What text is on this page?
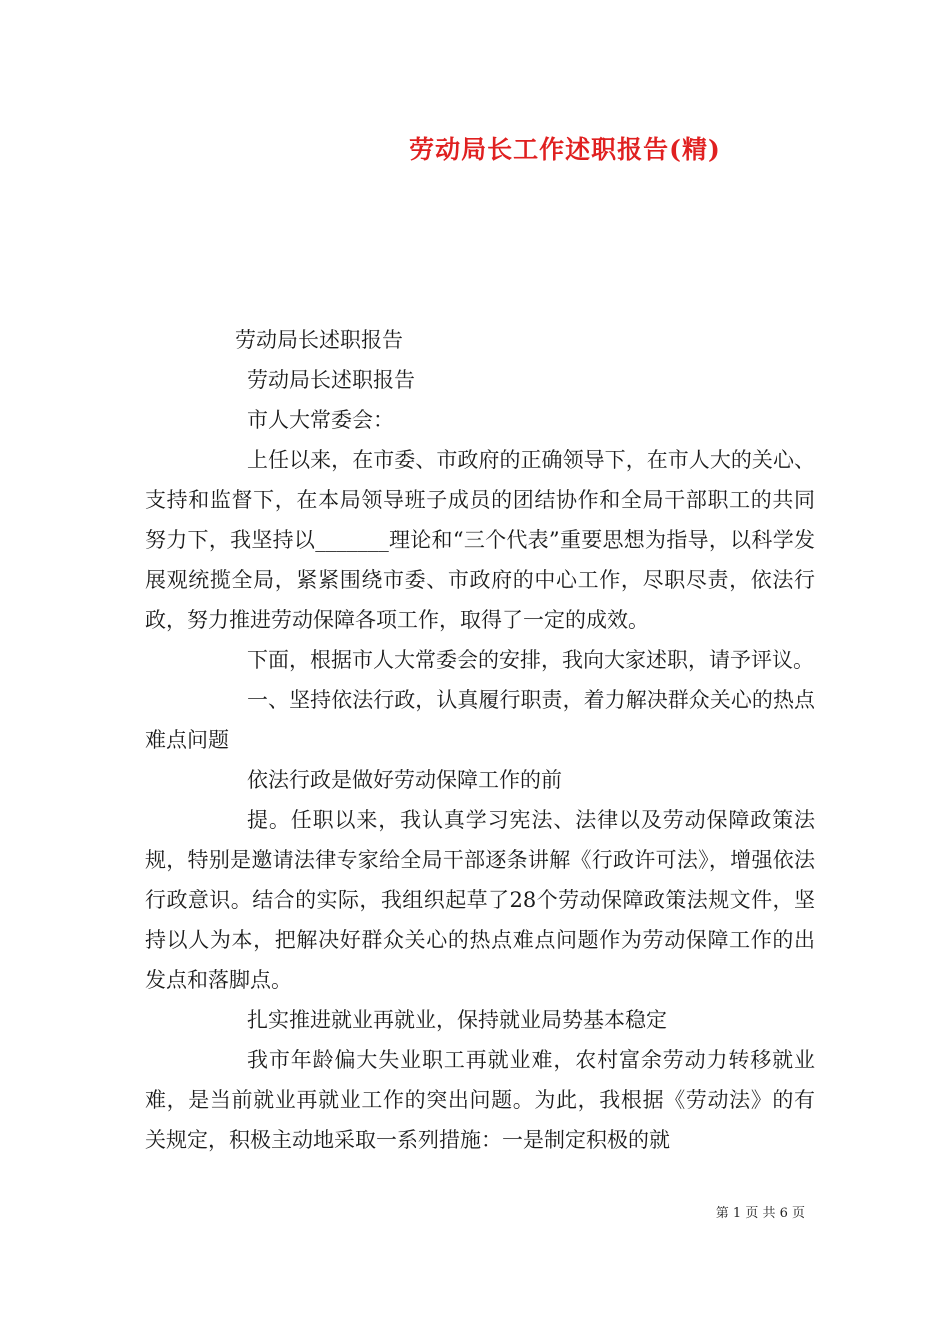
劳动局长工作述职报告(精)

劳动局长述职报告

劳动局长述职报告

市人大常委会：

上任以来，在市委、市政府的正确领导下，在市人大的关心、支持和监督下，在本局领导班子成员的团结协作和全局干部职工的共同努力下，我坚持以_______理论和“三个代表”重要思想为指导，以科学发展观统揽全局，紧紧围绕市委、市政府的中心工作，尽职尽责，依法行政，努力推进劳动保障各项工作，取得了一定的成效。

下面，根据市人大常委会的安排，我向大家述职，请予评议。

一、坚持依法行政，认真履行职责，着力解决群众关心的热点难点问题

依法行政是做好劳动保障工作的前

提。任职以来，我认真学习宪法、法律以及劳动保障政策法规，特别是邀请法律专家给全局干部逐条讲解《行政许可法》，增强依法行政意识。结合的实际，我组织起草了28个劳动保障政策法规文件，坚持以人为本，把解决好群众关心的热点难点问题作为劳动保障工作的出发点和落脚点。

扎实推进就业再就业，保持就业局势基本稳定

我市年龄偏大失业职工再就业难，农村富余劳动力转移就业难，是当前就业再就业工作的突出问题。为此，我根据《劳动法》的有关规定，积极主动地采取一系列措施：一是制定积极的就

第 1 页 共 6 页
